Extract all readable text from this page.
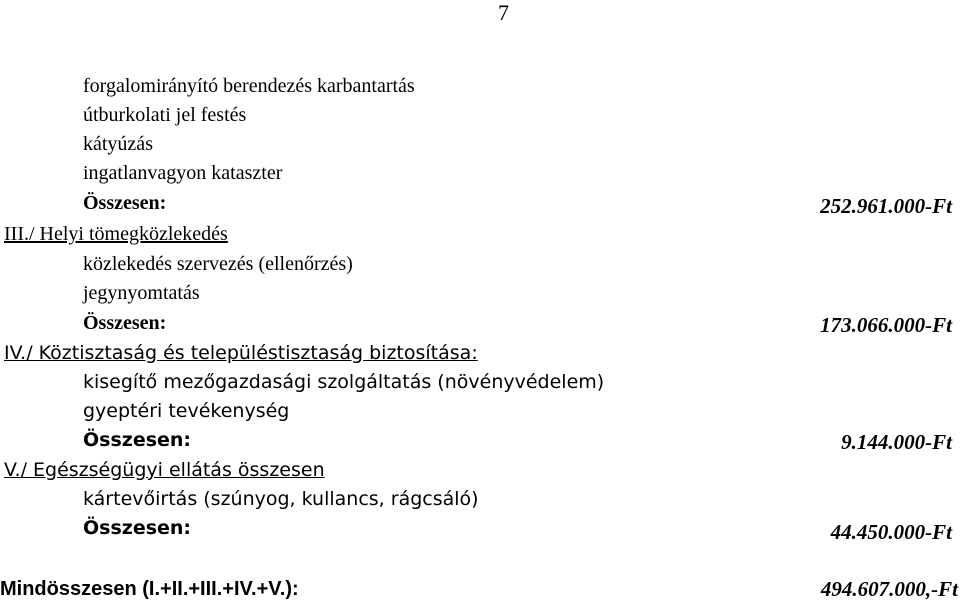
7
forgalomirányító berendezés karbantartás
útburkolati jel festés
kátyúzás
ingatlanvagyon kataszter
Összesen:	252.961.000-Ft
III./ Helyi tömegközlekedés
közlekedés szervezés (ellenőrzés)
jegynyomtatás
Összesen:	173.066.000-Ft
IV./ Köztisztaság és településtisztaság biztosítása:
kisegítő mezőgazdasági szolgáltatás (növényvédelem)
gyeptéri tevékenység
Összesen:	9.144.000-Ft
V./ Egészségügyi ellátás összesen
kártevőirtás (szúnyog, kullancs, rágcsáló)
Összesen:	44.450.000-Ft
Mindösszesen (I.+II.+III.+IV.+V.):	494.607.000,-Ft
